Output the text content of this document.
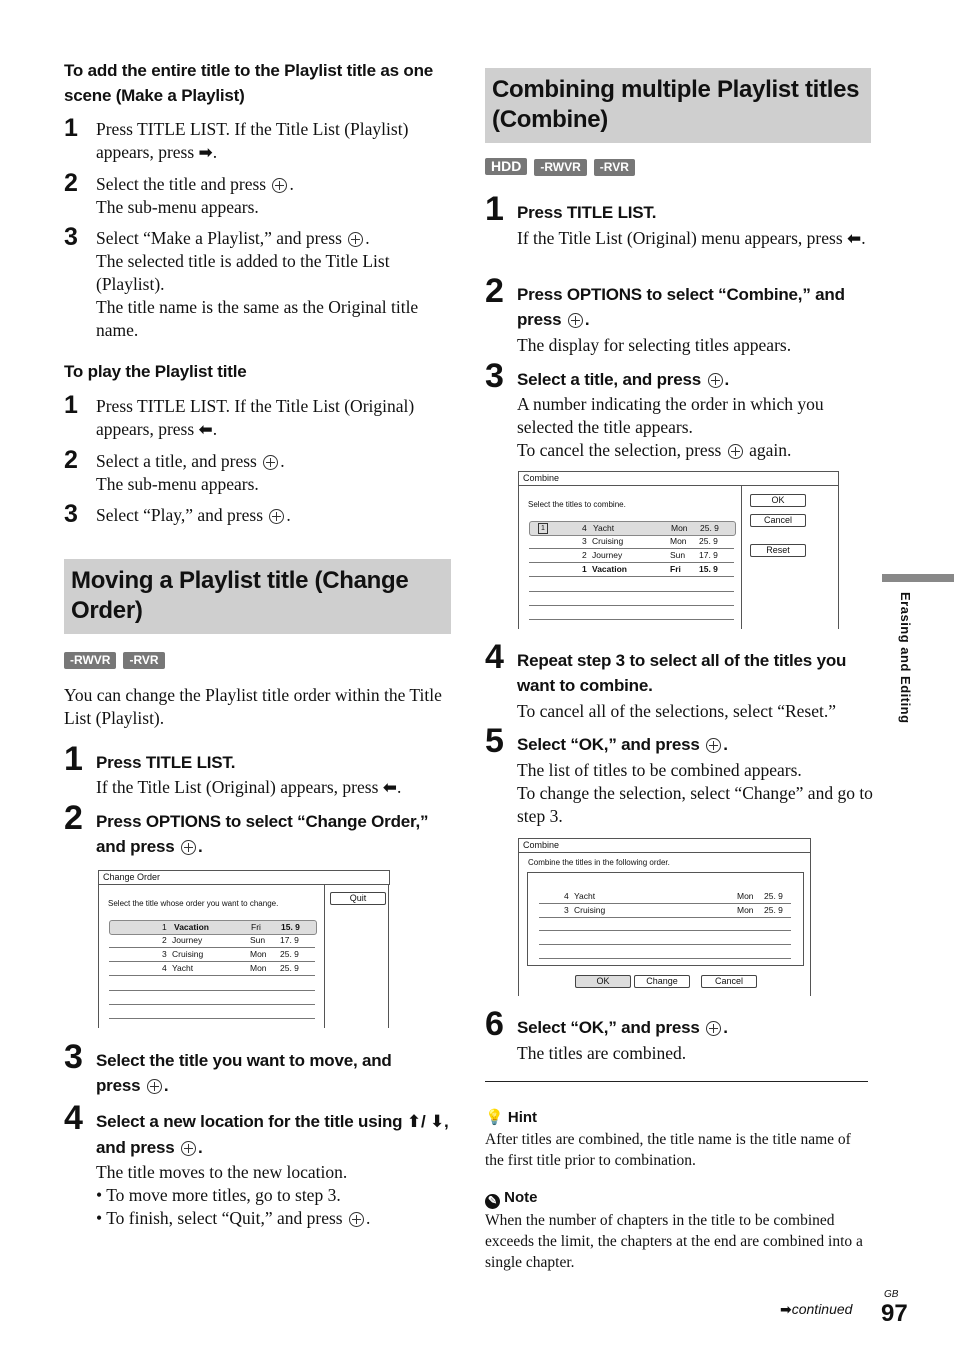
To add the entire title to the Playlist title as one scene (Make a Playlist)
1 Press TITLE LIST. If the Title List (Playlist) appears, press ➡.
2 Select the title and press .
The sub-menu appears.
3 Select “Make a Playlist,” and press .
The selected title is added to the Title List (Playlist).
The title name is the same as the Original title name.
To play the Playlist title
1 Press TITLE LIST. If the Title List (Original) appears, press ⬅.
2 Select a title, and press .
The sub-menu appears.
3 Select “Play,” and press .
Moving a Playlist title (Change Order)
-RWVR -RVR
You can change the Playlist title order within the Title List (Playlist).
1 Press TITLE LIST.
If the Title List (Original) appears, press ⬅.
2 Press OPTIONS to select “Change Order,” and press .
Change Order
Select the title whose order you want to change.
Quit
1 Vacation	Fri 15. 9
2 Journey	Sun 17. 9
3 Cruising	Mon 25. 9
4 Yacht	Mon 25. 9
3 Select the title you want to move, and press .
4 Select a new location for the title using ⬆/ ⬇, and press .
The title moves to the new location.
• To move more titles, go to step 3.
• To finish, select “Quit,” and press .
Combining multiple Playlist titles (Combine)
HDD -RWVR -RVR
1 Press TITLE LIST.
If the Title List (Original) menu appears, press ⬅.
2 Press OPTIONS to select “Combine,” and press .
The display for selecting titles appears.
3 Select a title, and press .
A number indicating the order in which you selected the title appears.
To cancel the selection, press again.
Combine
Select the titles to combine.	OK
Cancel
Reset
1	4 Yacht	Mon 25. 9
3 Cruising	Mon 25. 9
2 Journey	Sun 17. 9
1 Vacation	Fri 15. 9
4 Repeat step 3 to select all of the titles you want to combine.
To cancel all of the selections, select “Reset.”
5 Select “OK,” and press .
The list of titles to be combined appears.
To change the selection, select “Change” and go to step 3.
Combine
Combine the titles in the following order.
4 Yacht	Mon 25. 9
3 Cruising	Mon 25. 9
OK	Change	Cancel
6 Select “OK,” and press .
The titles are combined.
💡 Hint
After titles are combined, the title name is the title name of the first title prior to combination.
✎ Note
When the number of chapters in the title to be combined exceeds the limit, the chapters at the end are combined into a single chapter.
Erasing and Editing
➡continued
GB
97
